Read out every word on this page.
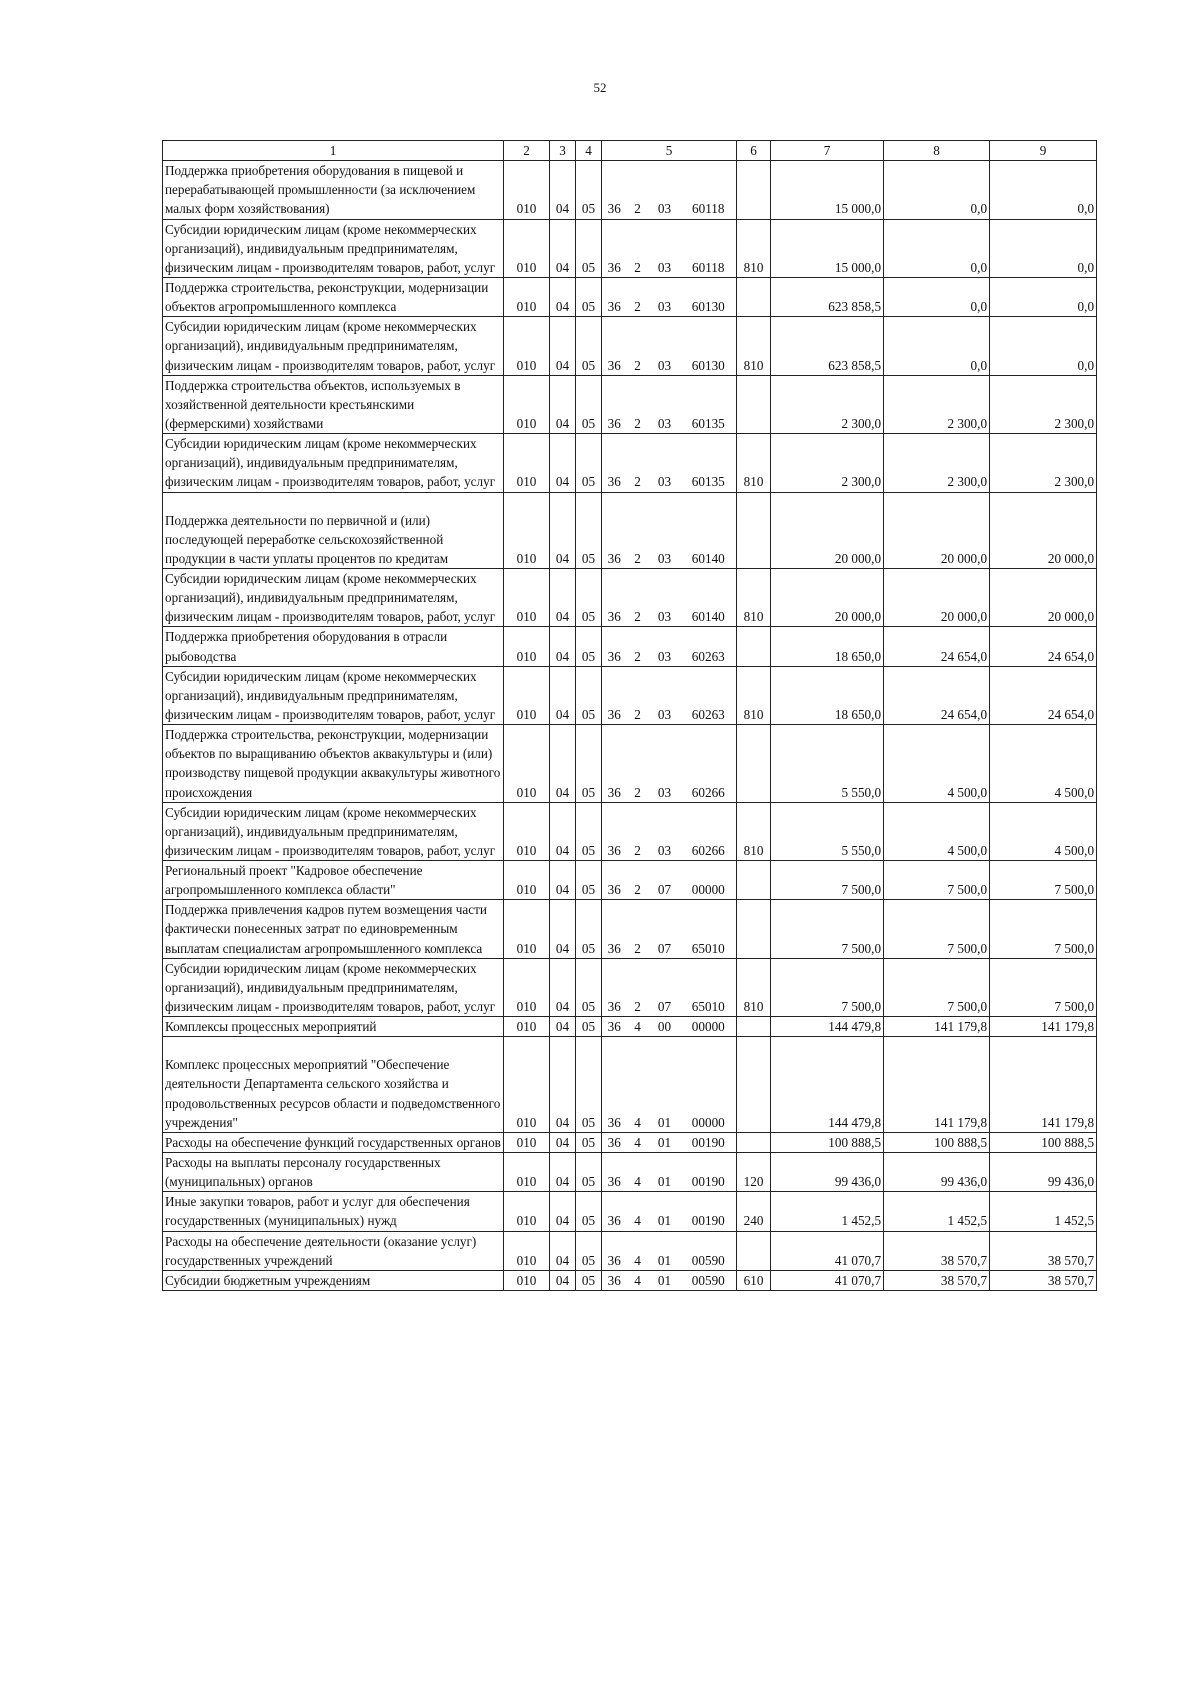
52
1	2	3	4	5				6	7	8	9
Поддержка приобретения оборудования в пищевой и перерабатывающей промышленности (за исключением малых форм хозяйствования)	010	04	05	36	2	03	60118		15 000,0	0,0	0,0
Субсидии юридическим лицам (кроме некоммерческих организаций), индивидуальным предпринимателям, физическим лицам - производителям товаров, работ, услуг	010	04	05	36	2	03	60118	810	15 000,0	0,0	0,0
Поддержка строительства, реконструкции, модернизации объектов агропромышленного комплекса	010	04	05	36	2	03	60130		623 858,5	0,0	0,0
Субсидии юридическим лицам (кроме некоммерческих организаций), индивидуальным предпринимателям, физическим лицам - производителям товаров, работ, услуг	010	04	05	36	2	03	60130	810	623 858,5	0,0	0,0
Поддержка строительства объектов, используемых в хозяйственной деятельности крестьянскими (фермерскими) хозяйствами	010	04	05	36	2	03	60135		2 300,0	2 300,0	2 300,0
Субсидии юридическим лицам (кроме некоммерческих организаций), индивидуальным предпринимателям, физическим лицам - производителям товаров, работ, услуг	010	04	05	36	2	03	60135	810	2 300,0	2 300,0	2 300,0
Поддержка деятельности по первичной и (или) последующей переработке сельскохозяйственной продукции в части уплаты процентов по кредитам	010	04	05	36	2	03	60140		20 000,0	20 000,0	20 000,0
Субсидии юридическим лицам (кроме некоммерческих организаций), индивидуальным предпринимателям, физическим лицам - производителям товаров, работ, услуг	010	04	05	36	2	03	60140	810	20 000,0	20 000,0	20 000,0
Поддержка приобретения оборудования в отрасли рыбоводства	010	04	05	36	2	03	60263		18 650,0	24 654,0	24 654,0
Субсидии юридическим лицам (кроме некоммерческих организаций), индивидуальным предпринимателям, физическим лицам - производителям товаров, работ, услуг	010	04	05	36	2	03	60263	810	18 650,0	24 654,0	24 654,0
Поддержка строительства, реконструкции, модернизации объектов по выращиванию объектов аквакультуры и (или) производству пищевой продукции аквакультуры животного происхождения	010	04	05	36	2	03	60266		5 550,0	4 500,0	4 500,0
Субсидии юридическим лицам (кроме некоммерческих организаций), индивидуальным предпринимателям, физическим лицам - производителям товаров, работ, услуг	010	04	05	36	2	03	60266	810	5 550,0	4 500,0	4 500,0
Региональный проект "Кадровое обеспечение агропромышленного комплекса области"	010	04	05	36	2	07	00000		7 500,0	7 500,0	7 500,0
Поддержка привлечения кадров путем возмещения части фактически понесенных затрат по единовременным выплатам специалистам агропромышленного комплекса	010	04	05	36	2	07	65010		7 500,0	7 500,0	7 500,0
Субсидии юридическим лицам (кроме некоммерческих организаций), индивидуальным предпринимателям, физическим лицам - производителям товаров, работ, услуг	010	04	05	36	2	07	65010	810	7 500,0	7 500,0	7 500,0
Комплексы процессных мероприятий	010	04	05	36	4	00	00000		144 479,8	141 179,8	141 179,8
Комплекс процессных мероприятий "Обеспечение деятельности Департамента сельского хозяйства и продовольственных ресурсов области и подведомственного учреждения"	010	04	05	36	4	01	00000		144 479,8	141 179,8	141 179,8
Расходы на обеспечение функций государственных органов	010	04	05	36	4	01	00190		100 888,5	100 888,5	100 888,5
Расходы на выплаты персоналу государственных (муниципальных) органов	010	04	05	36	4	01	00190	120	99 436,0	99 436,0	99 436,0
Иные закупки товаров, работ и услуг для обеспечения государственных (муниципальных) нужд	010	04	05	36	4	01	00190	240	1 452,5	1 452,5	1 452,5
Расходы на обеспечение деятельности (оказание услуг) государственных учреждений	010	04	05	36	4	01	00590		41 070,7	38 570,7	38 570,7
Субсидии бюджетным учреждениям	010	04	05	36	4	01	00590	610	41 070,7	38 570,7	38 570,7
